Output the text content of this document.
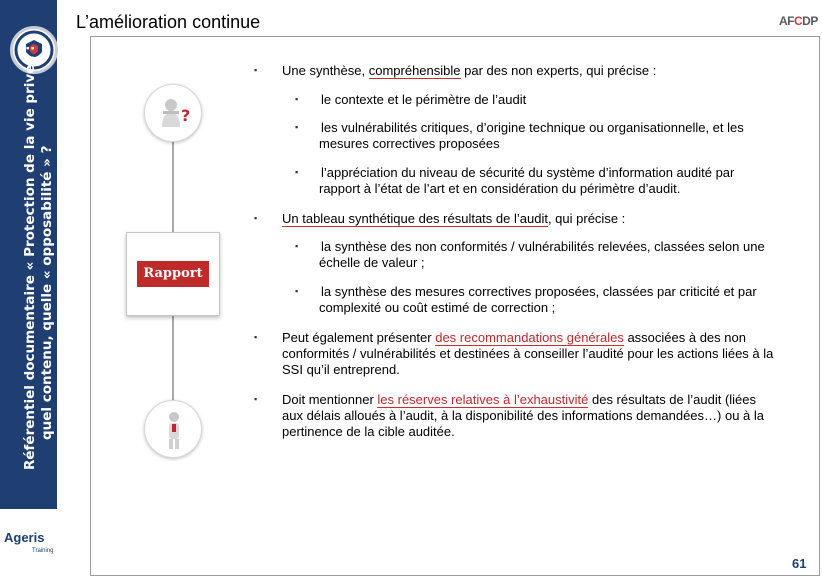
Référentiel documentaire « Protection de la vie privée : quel contenu, quelle « opposabilité » ?
L’amélioration continue	AFCDP
?
Rapport
▪ Une synthèse, compréhensible par des non experts, qui précise :
▪ le contexte et le périmètre de l’audit
▪ les vulnérabilités critiques, d’origine technique ou organisationnelle, et les mesures correctives proposées
▪ l’appréciation du niveau de sécurité du système d’information audité par rapport à l’état de l’art et en considération du périmètre d’audit.
▪ Un tableau synthétique des résultats de l’audit, qui précise :
▪ la synthèse des non conformités / vulnérabilités relevées, classées selon une échelle de valeur ;
▪ la synthèse des mesures correctives proposées, classées par criticité et par complexité ou coût estimé de correction ;
▪ Peut également présenter des recommandations générales associées à des non conformités / vulnérabilités et destinées à conseiller l’audité pour les actions liées à la SSI qu’il entreprend.
▪ Doit mentionner les réserves relatives à l’exhaustivité des résultats de l’audit (liées aux délais alloués à l’audit, à la disponibilité des informations demandées…) ou à la pertinence de la cible auditée.
Ageris
Training
61
